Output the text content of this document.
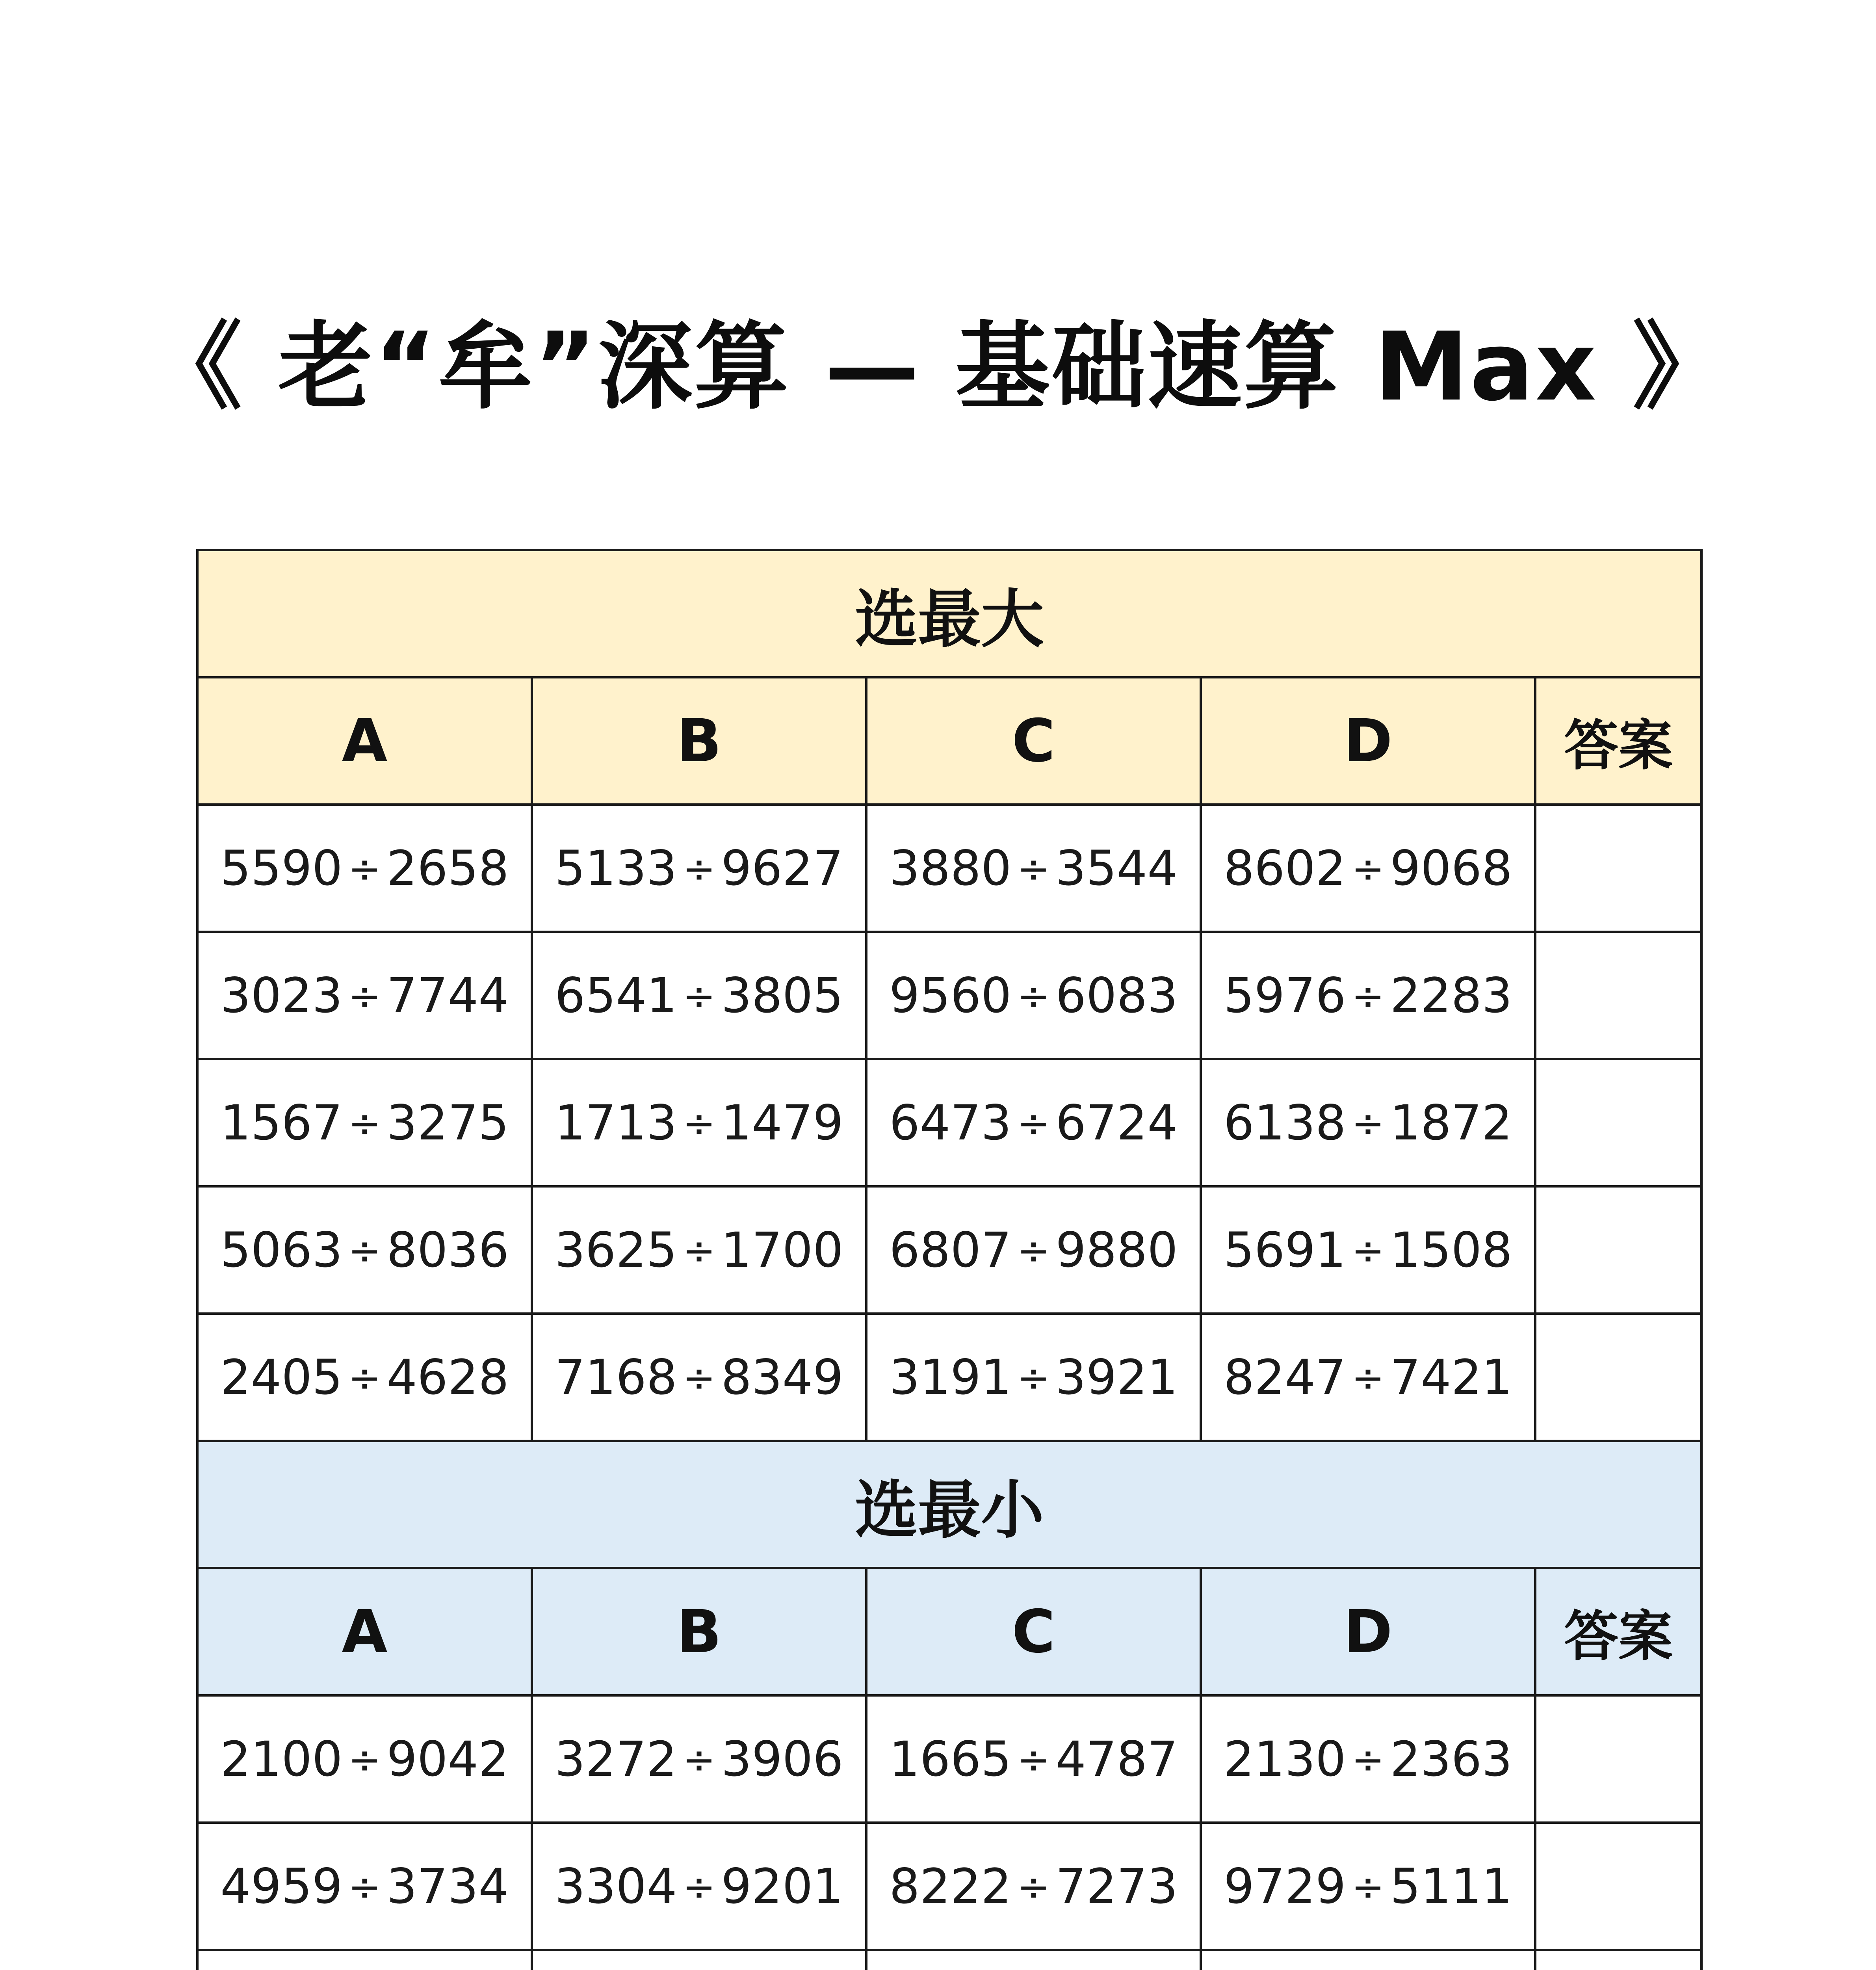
《 老“牟”深算 — 基础速算 Max 》
选最大				
A	B	C	D	答案
5590 ÷ 2658	5133 ÷ 9627	3880 ÷ 3544	8602 ÷ 9068	
3023 ÷ 7744	6541 ÷ 3805	9560 ÷ 6083	5976 ÷ 2283	
1567 ÷ 3275	1713 ÷ 1479	6473 ÷ 6724	6138 ÷ 1872	
5063 ÷ 8036	3625 ÷ 1700	6807 ÷ 9880	5691 ÷ 1508	
2405 ÷ 4628	7168 ÷ 8349	3191 ÷ 3921	8247 ÷ 7421	
选最小				
A	B	C	D	答案
2100 ÷ 9042	3272 ÷ 3906	1665 ÷ 4787	2130 ÷ 2363	
4959 ÷ 3734	3304 ÷ 9201	8222 ÷ 7273	9729 ÷ 5111	
